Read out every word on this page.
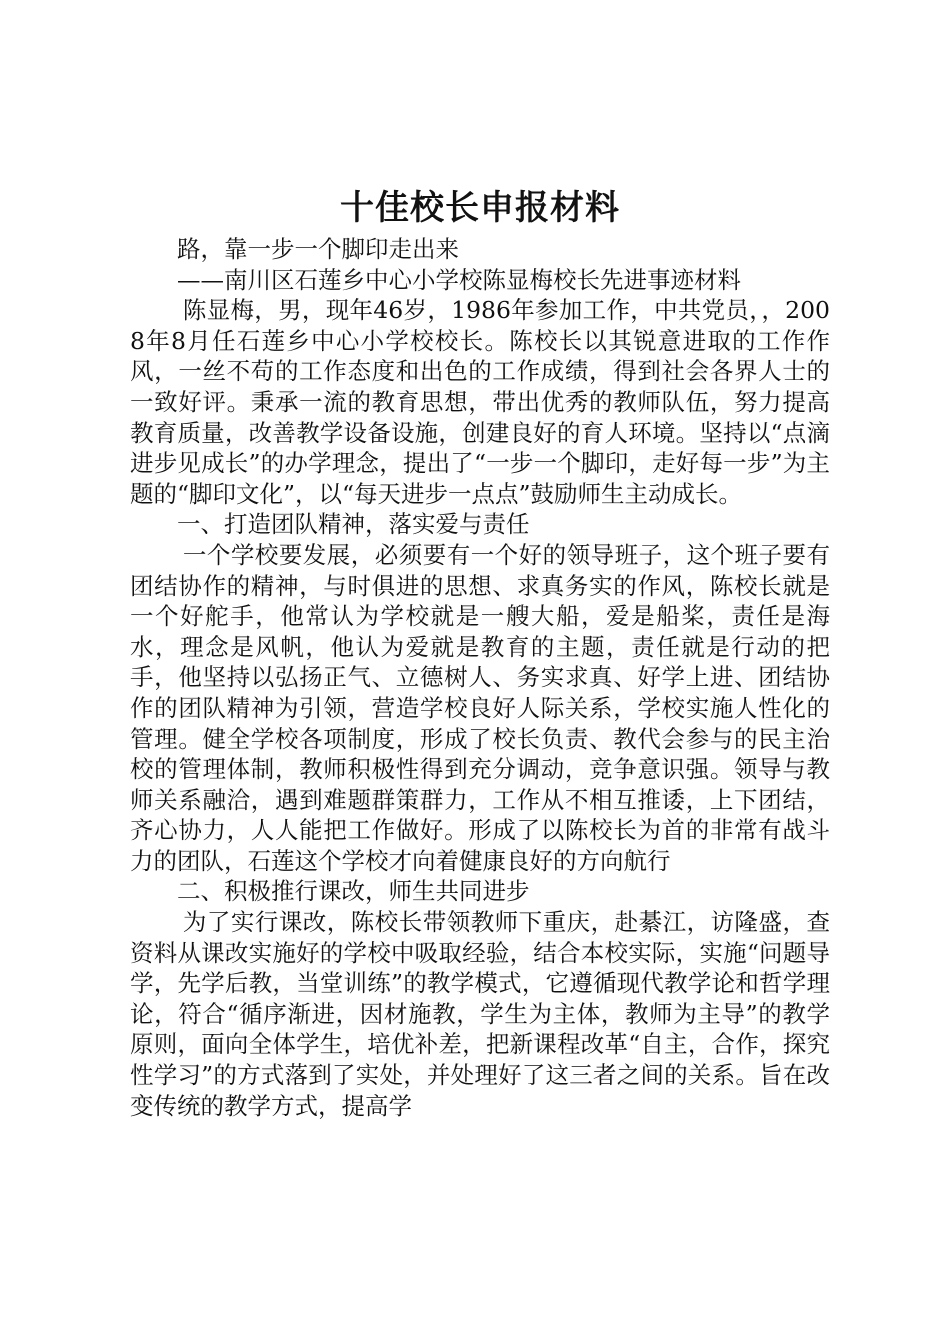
十佳校长申报材料

路，靠一步一个脚印走出来

——南川区石莲乡中心小学校陈显梅校长先进事迹材料

陈显梅，男，现年46岁，1986年参加工作，中共党员，，2008年8月任石莲乡中心小学校校长。陈校长以其锐意进取的工作作风，一丝不苟的工作态度和出色的工作成绩，得到社会各界人士的一致好评。秉承一流的教育思想，带出优秀的教师队伍，努力提高教育质量，改善教学设备设施，创建良好的育人环境。坚持以“点滴进步见成长”的办学理念，提出了“一步一个脚印，走好每一步”为主题的“脚印文化”，以“每天进步一点点”鼓励师生主动成长。

一、打造团队精神，落实爱与责任

一个学校要发展，必须要有一个好的领导班子，这个班子要有团结协作的精神，与时俱进的思想、求真务实的作风，陈校长就是一个好舵手，他常认为学校就是一艘大船，爱是船桨，责任是海水，理念是风帆，他认为爱就是教育的主题，责任就是行动的把手，他坚持以弘扬正气、立德树人、务实求真、好学上进、团结协作的团队精神为引领，营造学校良好人际关系，学校实施人性化的管理。健全学校各项制度，形成了校长负责、教代会参与的民主治校的管理体制，教师积极性得到充分调动，竞争意识强。领导与教师关系融洽，遇到难题群策群力，工作从不相互推诿，上下团结，齐心协力，人人能把工作做好。形成了以陈校长为首的非常有战斗力的团队，石莲这个学校才向着健康良好的方向航行

二、积极推行课改，师生共同进步

为了实行课改，陈校长带领教师下重庆，赴綦江，访隆盛，查资料从课改实施好的学校中吸取经验，结合本校实际，实施“问题导学，先学后教，当堂训练”的教学模式，它遵循现代教学论和哲学理论，符合“循序渐进，因材施教，学生为主体，教师为主导”的教学原则，面向全体学生，培优补差，把新课程改革“自主，合作，探究性学习”的方式落到了实处，并处理好了这三者之间的关系。旨在改变传统的教学方式，提高学
